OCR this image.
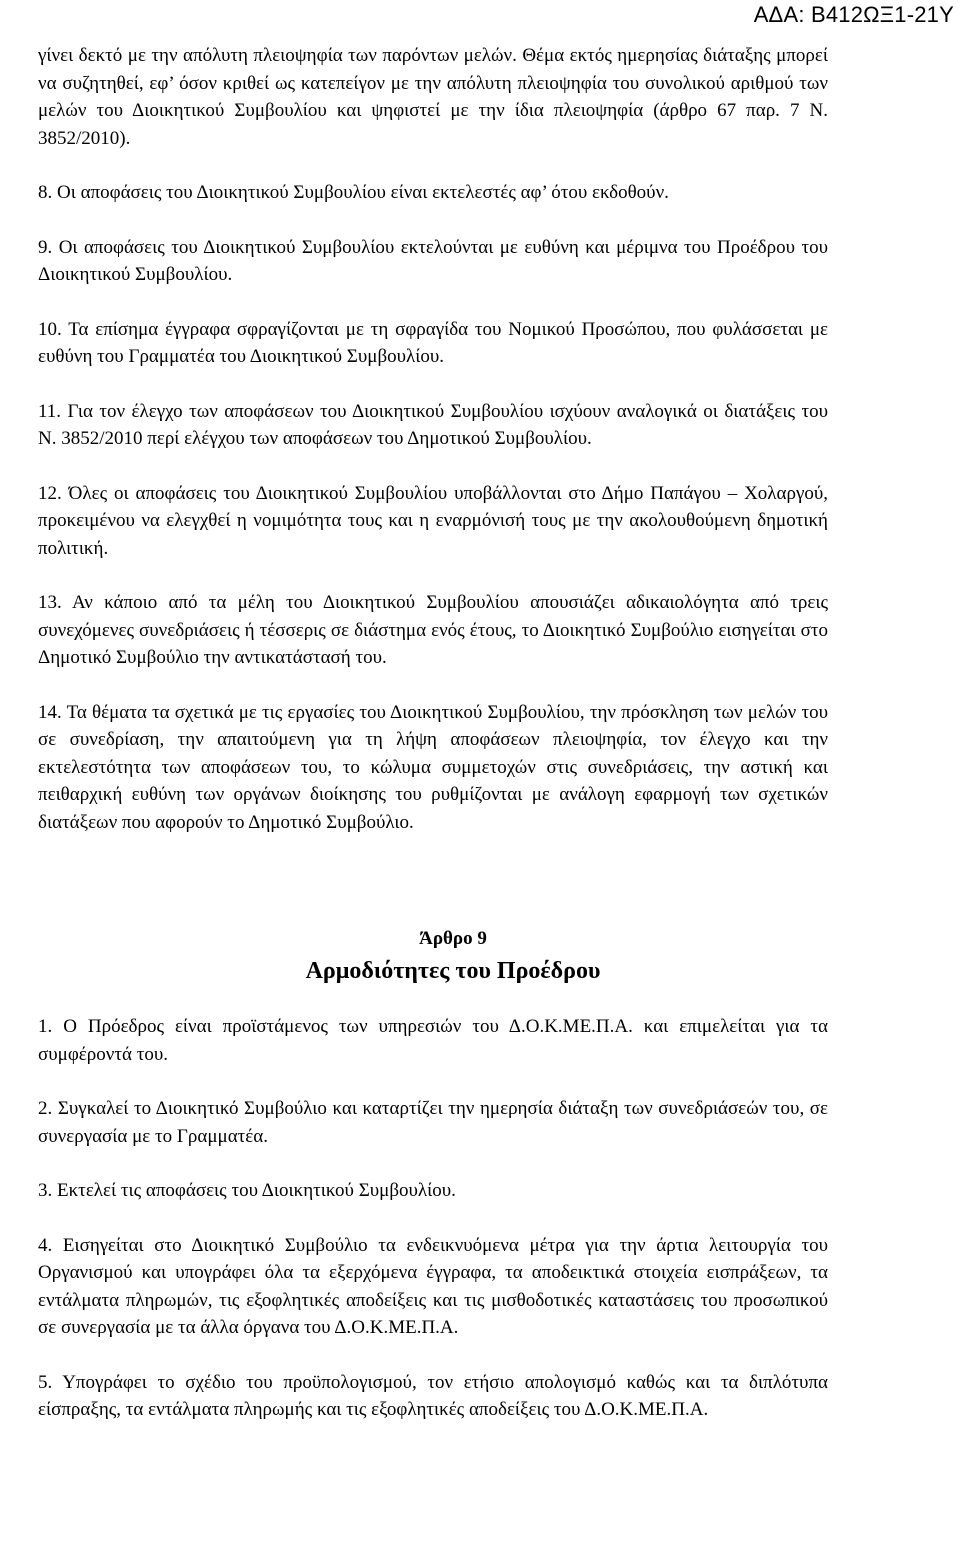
ΑΔΑ: Β412ΩΞ1-21Υ

γίνει δεκτό με την απόλυτη πλειοψηφία των παρόντων μελών. Θέμα εκτός ημερησίας διάταξης μπορεί να συζητηθεί, εφ’ όσον κριθεί ως κατεπείγον με την απόλυτη πλειοψηφία του συνολικού αριθμού των μελών του Διοικητικού Συμβουλίου και ψηφιστεί με την ίδια πλειοψηφία (άρθρο 67 παρ. 7 Ν. 3852/2010).

8. Οι αποφάσεις του Διοικητικού Συμβουλίου είναι εκτελεστές αφ’ ότου εκδοθούν.

9. Οι αποφάσεις του Διοικητικού Συμβουλίου εκτελούνται με ευθύνη και μέριμνα του Προέδρου του Διοικητικού Συμβουλίου.

10. Τα επίσημα έγγραφα σφραγίζονται με τη σφραγίδα του Νομικού Προσώπου, που φυλάσσεται με ευθύνη του Γραμματέα του Διοικητικού Συμβουλίου.

11. Για τον έλεγχο των αποφάσεων του Διοικητικού Συμβουλίου ισχύουν αναλογικά οι διατάξεις του Ν. 3852/2010 περί ελέγχου των αποφάσεων του Δημοτικού Συμβουλίου.

12. Όλες οι αποφάσεις του Διοικητικού Συμβουλίου υποβάλλονται στο Δήμο Παπάγου – Χολαργού, προκειμένου να ελεγχθεί η νομιμότητα τους και η εναρμόνισή τους με την ακολουθούμενη δημοτική πολιτική.

13. Αν κάποιο από τα μέλη του Διοικητικού Συμβουλίου απουσιάζει αδικαιολόγητα από τρεις συνεχόμενες συνεδριάσεις ή τέσσερις σε διάστημα ενός έτους, το Διοικητικό Συμβούλιο εισηγείται στο Δημοτικό Συμβούλιο την αντικατάστασή του.

14. Τα θέματα τα σχετικά με τις εργασίες του Διοικητικού Συμβουλίου, την πρόσκληση των μελών του σε συνεδρίαση, την απαιτούμενη για τη λήψη αποφάσεων πλειοψηφία, τον έλεγχο και την εκτελεστότητα των αποφάσεων του, το κώλυμα συμμετοχών στις συνεδριάσεις, την αστική και πειθαρχική ευθύνη των οργάνων διοίκησης του ρυθμίζονται με ανάλογη εφαρμογή των σχετικών διατάξεων που αφορούν το Δημοτικό Συμβούλιο.

Άρθρο 9
Αρμοδιότητες του Προέδρου

1. Ο Πρόεδρος είναι προϊστάμενος των υπηρεσιών του Δ.Ο.Κ.ΜΕ.Π.Α. και επιμελείται για τα συμφέροντά του.

2. Συγκαλεί το Διοικητικό Συμβούλιο και καταρτίζει την ημερησία διάταξη των συνεδριάσεών του, σε συνεργασία με το Γραμματέα.

3. Εκτελεί τις αποφάσεις του Διοικητικού Συμβουλίου.

4. Εισηγείται στο Διοικητικό Συμβούλιο τα ενδεικνυόμενα μέτρα για την άρτια λειτουργία του Οργανισμού και υπογράφει όλα τα εξερχόμενα έγγραφα, τα αποδεικτικά στοιχεία εισπράξεων, τα εντάλματα πληρωμών, τις εξοφλητικές αποδείξεις και τις μισθοδοτικές καταστάσεις του προσωπικού σε συνεργασία με τα άλλα όργανα του Δ.Ο.Κ.ΜΕ.Π.Α.

5. Υπογράφει το σχέδιο του προϋπολογισμού, τον ετήσιο απολογισμό καθώς και τα διπλότυπα είσπραξης, τα εντάλματα πληρωμής και τις εξοφλητικές αποδείξεις του Δ.Ο.Κ.ΜΕ.Π.Α.
